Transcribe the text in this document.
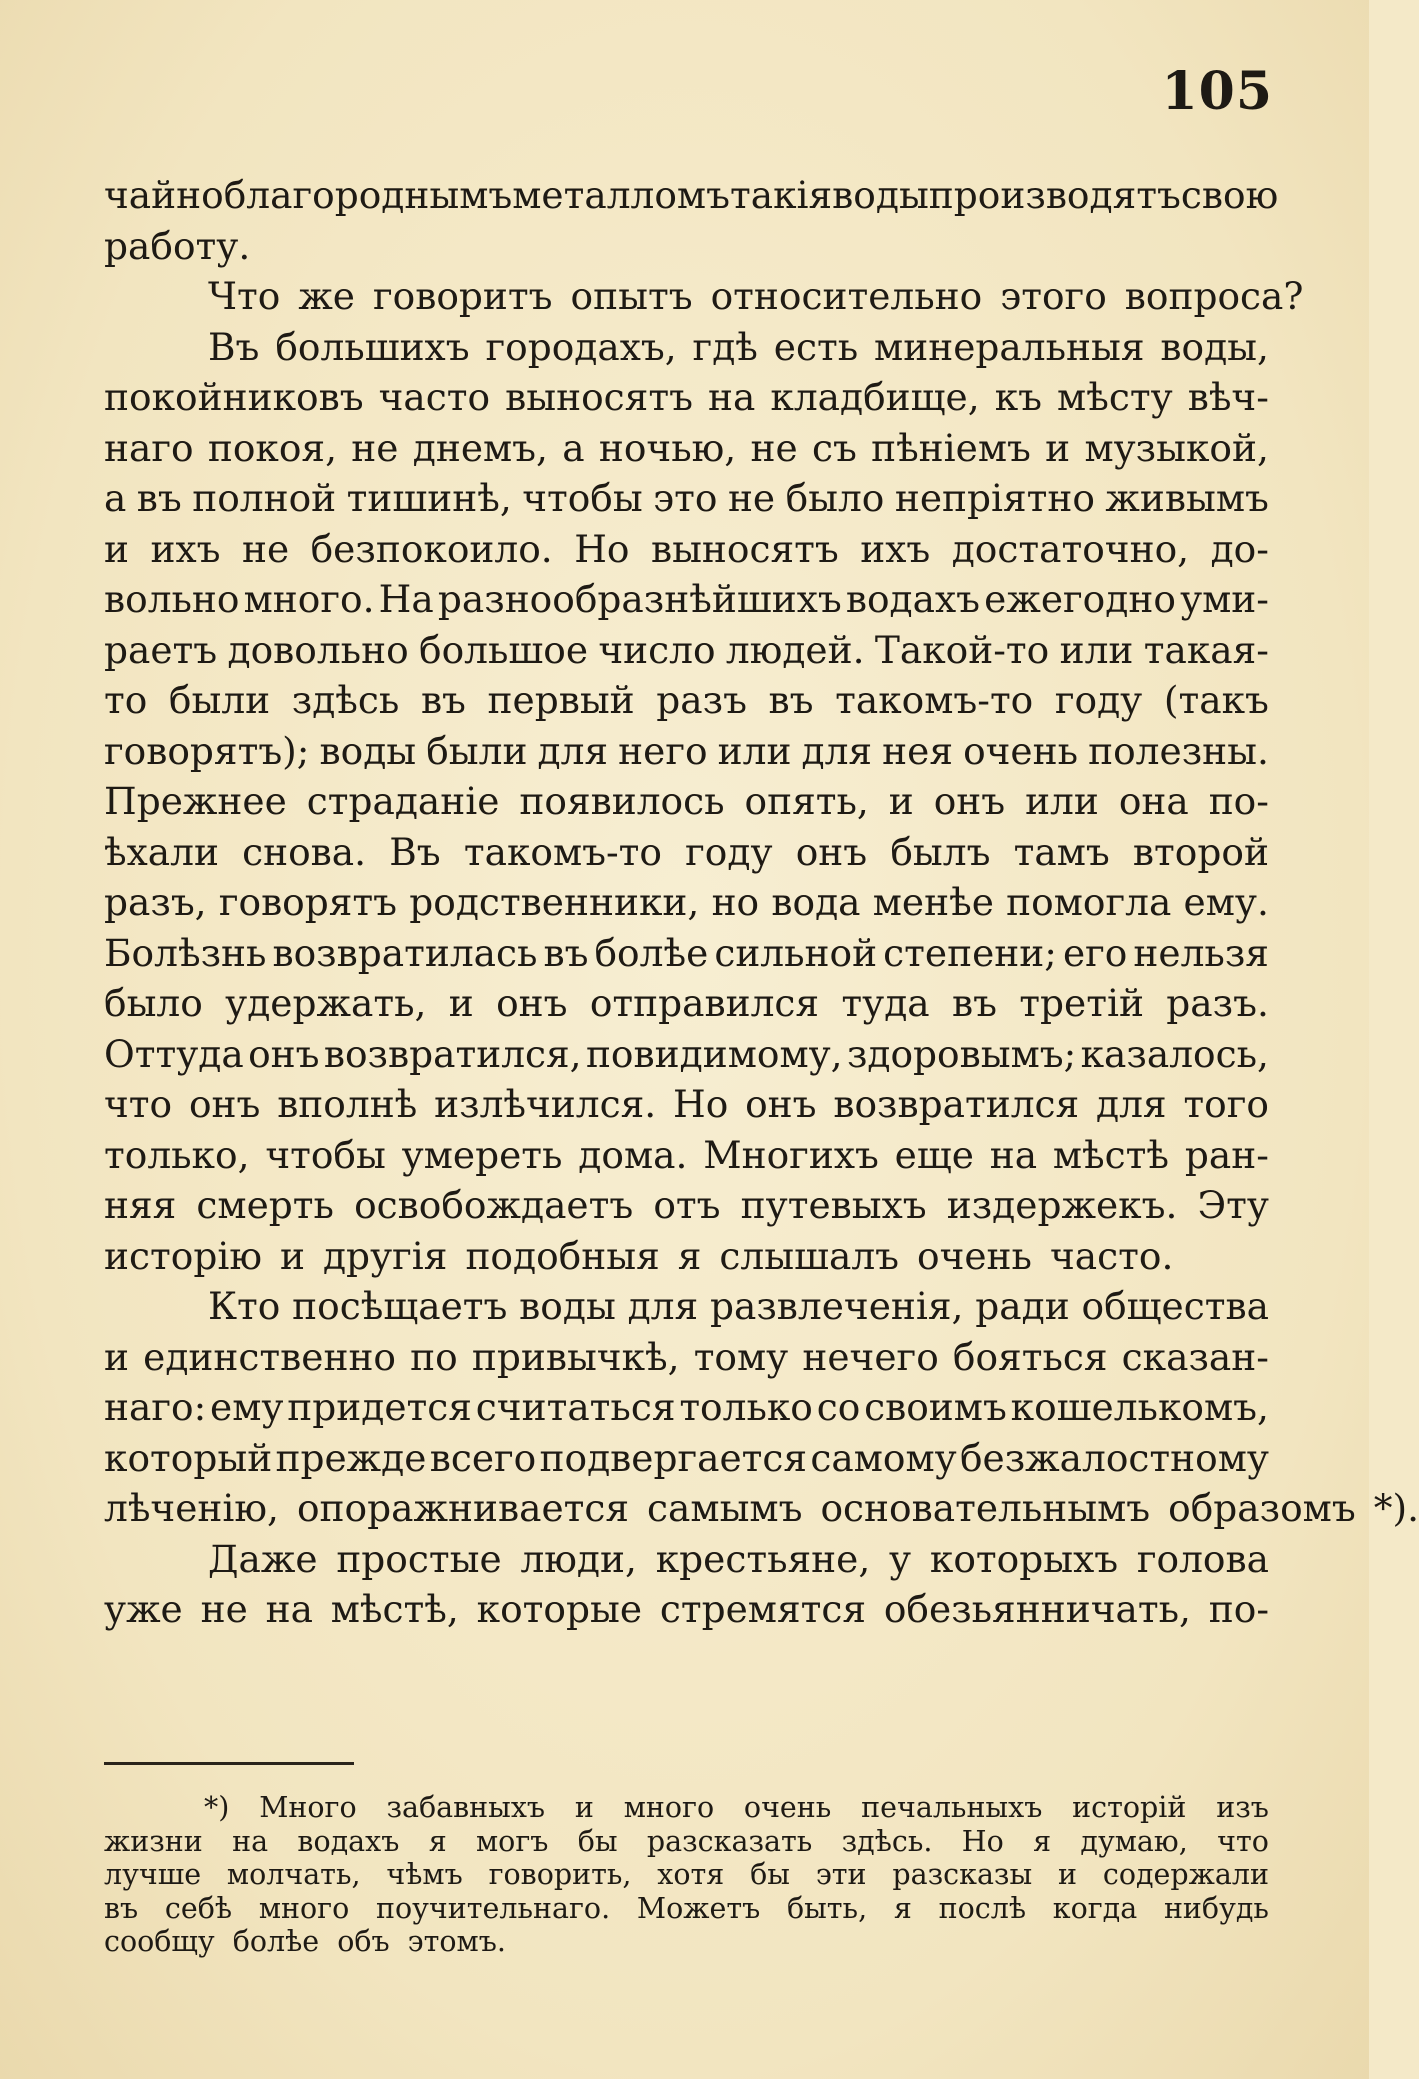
105
чайно благороднымъ металломъ такія воды производятъ свою
работу.
Что же говоритъ опытъ относительно этого вопроса?
Въ большихъ городахъ, гдѣ есть минеральныя воды,
покойниковъ часто выносятъ на кладбище, къ мѣсту вѣч-
наго покоя, не днемъ, а ночью, не съ пѣніемъ и музыкой,
а въ полной тишинѣ, чтобы это не было непріятно живымъ
и ихъ не безпокоило. Но выносятъ ихъ достаточно, до-
вольно много. На разнообразнѣйшихъ водахъ ежегодно уми-
раетъ довольно большое число людей. Такой-то или такая-
то были здѣсь въ первый разъ въ такомъ-то году (такъ
говорятъ); воды были для него или для нея очень полезны.
Прежнее страданіе появилось опять, и онъ или она по-
ѣхали снова. Въ такомъ-то году онъ былъ тамъ второй
разъ, говорятъ родственники, но вода менѣе помогла ему.
Болѣзнь возвратилась въ болѣе сильной степени; его нельзя
было удержать, и онъ отправился туда въ третій разъ.
Оттуда онъ возвратился, повидимому, здоровымъ; казалось,
что онъ вполнѣ излѣчился. Но онъ возвратился для того
только, чтобы умереть дома. Многихъ еще на мѣстѣ ран-
няя смерть освобождаетъ отъ путевыхъ издержекъ. Эту
исторію и другія подобныя я слышалъ очень часто.
Кто посѣщаетъ воды для развлеченія, ради общества
и единственно по привычкѣ, тому нечего бояться сказан-
наго: ему придется считаться только со своимъ кошелькомъ,
который прежде всего подвергается самому безжалостному
лѣченію, опоражнивается самымъ основательнымъ образомъ *).
Даже простые люди, крестьяне, у которыхъ голова
уже не на мѣстѣ, которые стремятся обезьянничать, по-
*) Много забавныхъ и много очень печальныхъ исторій изъ
жизни на водахъ я могъ бы разсказать здѣсь. Но я думаю, что
лучше молчать, чѣмъ говорить, хотя бы эти разсказы и содержали
въ себѣ много поучительнаго. Можетъ быть, я послѣ когда нибудь
сообщу болѣе объ этомъ.
